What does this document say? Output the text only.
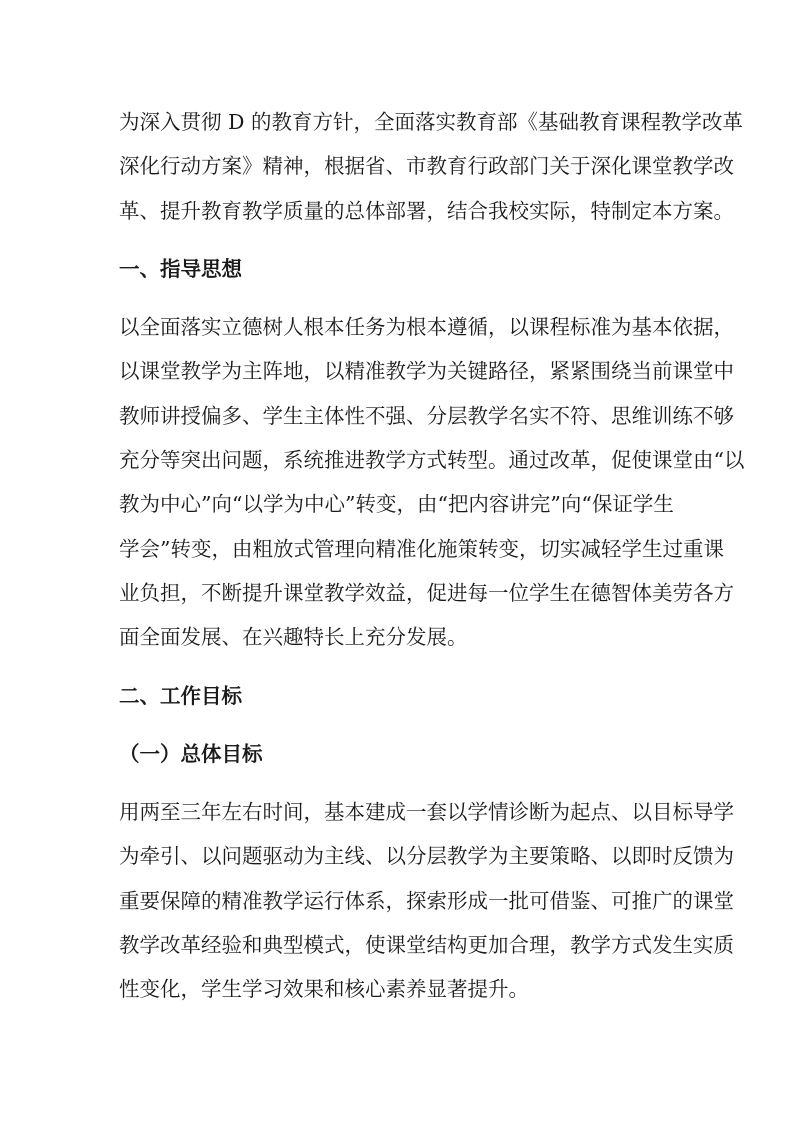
为深入贯彻 D 的教育方针，全面落实教育部《基础教育课程教学改革
深化行动方案》精神，根据省、市教育行政部门关于深化课堂教学改
革、提升教育教学质量的总体部署，结合我校实际，特制定本方案。

一、指导思想

以全面落实立德树人根本任务为根本遵循，以课程标准为基本依据，
以课堂教学为主阵地，以精准教学为关键路径，紧紧围绕当前课堂中
教师讲授偏多、学生主体性不强、分层教学名实不符、思维训练不够
充分等突出问题，系统推进教学方式转型。通过改革，促使课堂由“以
教为中心”向“以学为中心”转变，由“把内容讲完”向“保证学生
学会”转变，由粗放式管理向精准化施策转变，切实减轻学生过重课
业负担，不断提升课堂教学效益，促进每一位学生在德智体美劳各方
面全面发展、在兴趣特长上充分发展。

二、工作目标
（一）总体目标

用两至三年左右时间，基本建成一套以学情诊断为起点、以目标导学
为牵引、以问题驱动为主线、以分层教学为主要策略、以即时反馈为
重要保障的精准教学运行体系，探索形成一批可借鉴、可推广的课堂
教学改革经验和典型模式，使课堂结构更加合理，教学方式发生实质
性变化，学生学习效果和核心素养显著提升。
